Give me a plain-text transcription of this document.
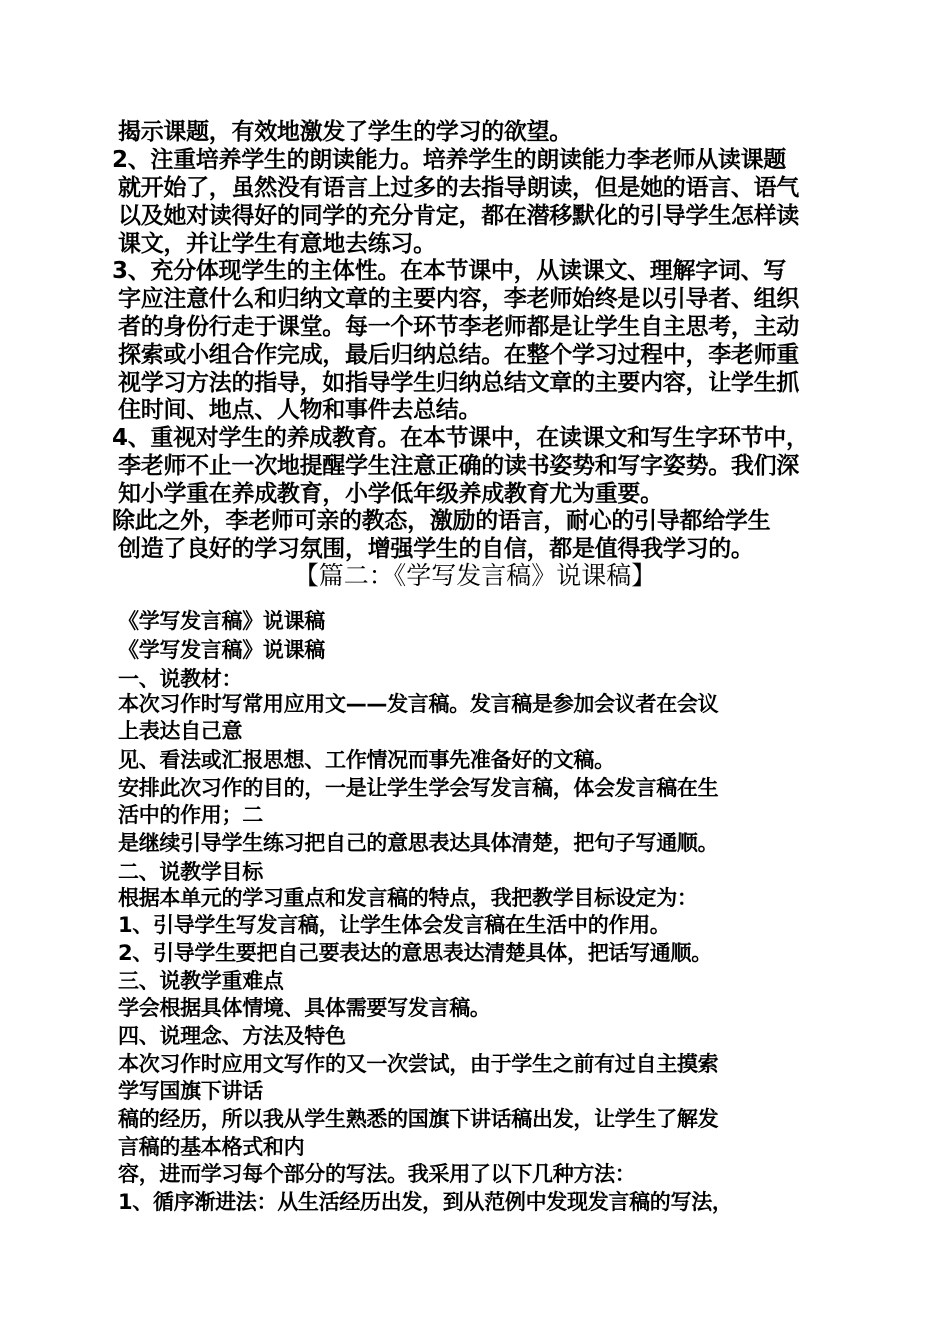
揭示课题，有效地激发了学生的学习的欲望。
2、注重培养学生的朗读能力。培养学生的朗读能力李老师从读课题
就开始了，虽然没有语言上过多的去指导朗读，但是她的语言、语气
以及她对读得好的同学的充分肯定，都在潜移默化的引导学生怎样读
课文，并让学生有意地去练习。
3、充分体现学生的主体性。在本节课中，从读课文、理解字词、写
字应注意什么和归纳文章的主要内容，李老师始终是以引导者、组织
者的身份行走于课堂。每一个环节李老师都是让学生自主思考，主动
探索或小组合作完成，最后归纳总结。在整个学习过程中，李老师重
视学习方法的指导，如指导学生归纳总结文章的主要内容，让学生抓
住时间、地点、人物和事件去总结。
4、重视对学生的养成教育。在本节课中，在读课文和写生字环节中，
李老师不止一次地提醒学生注意正确的读书姿势和写字姿势。我们深
知小学重在养成教育，小学低年级养成教育尤为重要。
除此之外，李老师可亲的教态，激励的语言，耐心的引导都给学生
创造了良好的学习氛围，增强学生的自信，都是值得我学习的。
【篇二：《学写发言稿》说课稿】
《学写发言稿》说课稿
《学写发言稿》说课稿
一、说教材：
本次习作时写常用应用文——发言稿。发言稿是参加会议者在会议
上表达自己意
见、看法或汇报思想、工作情况而事先准备好的文稿。
安排此次习作的目的，一是让学生学会写发言稿，体会发言稿在生
活中的作用；二
是继续引导学生练习把自己的意思表达具体清楚，把句子写通顺。
二、说教学目标
根据本单元的学习重点和发言稿的特点，我把教学目标设定为：
1、引导学生写发言稿，让学生体会发言稿在生活中的作用。
2、引导学生要把自己要表达的意思表达清楚具体，把话写通顺。
三、说教学重难点
学会根据具体情境、具体需要写发言稿。
四、说理念、方法及特色
本次习作时应用文写作的又一次尝试，由于学生之前有过自主摸索
学写国旗下讲话
稿的经历，所以我从学生熟悉的国旗下讲话稿出发，让学生了解发
言稿的基本格式和内
容，进而学习每个部分的写法。我采用了以下几种方法：
1、循序渐进法：从生活经历出发，到从范例中发现发言稿的写法，
